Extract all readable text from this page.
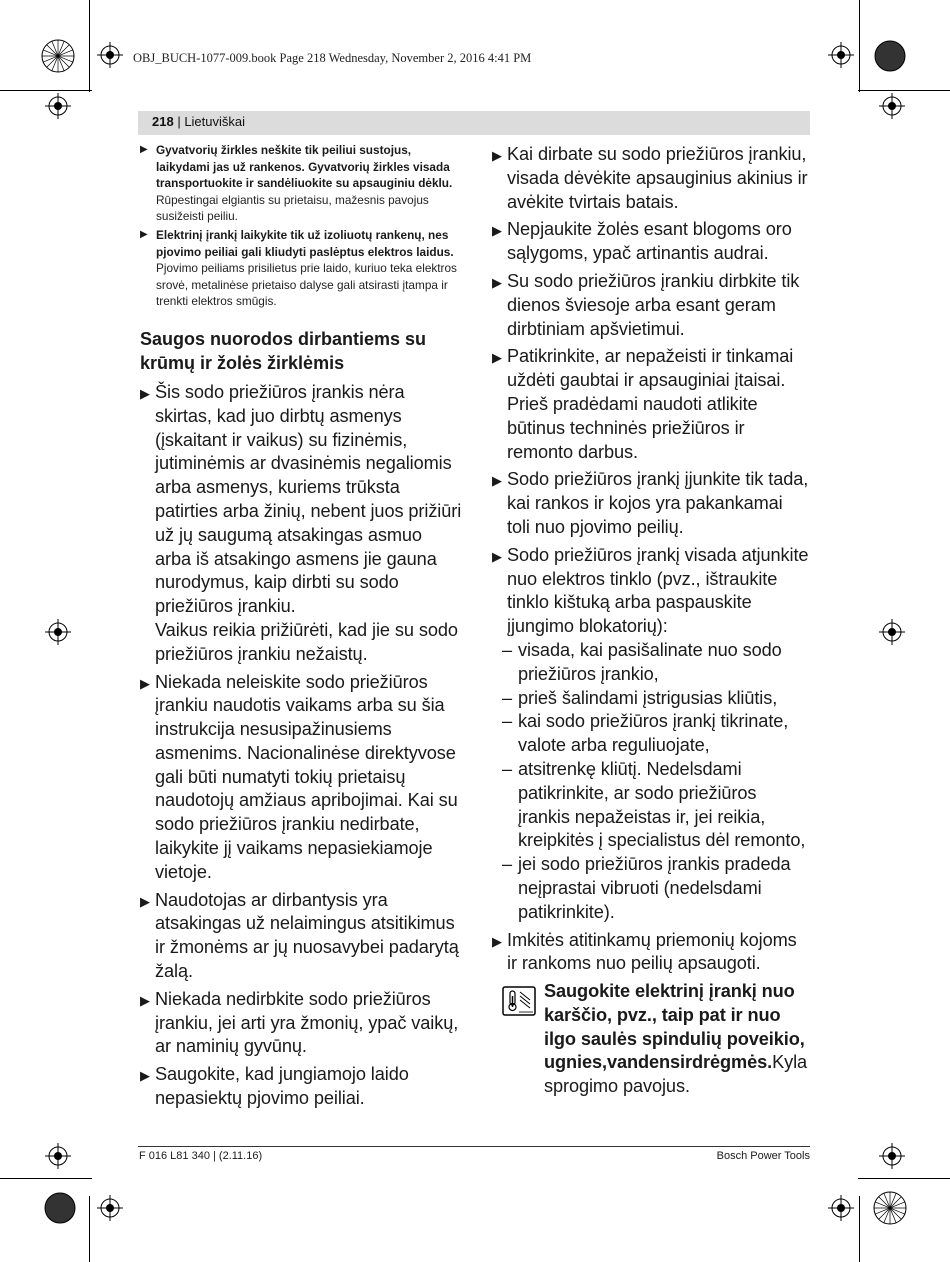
OBJ_BUCH-1077-009.book Page 218 Wednesday, November 2, 2016 4:41 PM
218 | Lietuviškai
▶ Gyvatvorių žirkles neškite tik peiliui sustojus, laikydami jas už rankenos. Gyvatvorių žirkles visada transportuokite ir sandėliuokite su apsauginiu dėklu.
Rūpestingai elgiantis su prietaisu, mažesnis pavojus susižeisti peiliu.
▶ Elektrinį įrankį laikykite tik už izoliuotų rankenų, nes pjovimo peiliai gali kliudyti paslėptus elektros laidus.
Pjovimo peiliams prisilietus prie laido, kuriuo teka elektros srovė, metalinėse prietaiso dalyse gali atsirasti įtampa ir trenkti elektros smūgis.
Saugos nuorodos dirbantiems su krūmų ir žolės žirklėmis
▶ Šis sodo priežiūros įrankis nėra skirtas, kad juo dirbtų asmenys (įskaitant ir vaikus) su fizinėmis, jutiminėmis ar dvasinėmis negaliomis arba asmenys, kuriems trūksta patirties arba žinių, nebent juos prižiūri už jų saugumą atsakingas asmuo arba iš atsakingo asmens jie gauna nurodymus, kaip dirbti su sodo priežiūros įrankiu.
Vaikus reikia prižiūrėti, kad jie su sodo priežiūros įrankiu nežaistų.
▶ Niekada neleiskite sodo priežiūros įrankiu naudotis vaikams arba su šia instrukcija nesusipažinusiems asmenims. Nacionalinėse direktyvose gali būti numatyti tokių prietaisų naudotojų amžiaus apribojimai. Kai su sodo priežiūros įrankiu nedirbate, laikykite jį vaikams nepasiekiamoje vietoje.
▶ Naudotojas ar dirbantysis yra atsakingas už nelaimingus atsitikimus ir žmonėms ar jų nuosavybei padarytą žalą.
▶ Niekada nedirbkite sodo priežiūros įrankiu, jei arti yra žmonių, ypač vaikų, ar naminių gyvūnų.
▶ Saugokite, kad jungiamojo laido nepasiektų pjovimo peiliai.
▶ Kai dirbate su sodo priežiūros įrankiu, visada dėvėkite apsauginius akinius ir avėkite tvirtais batais.
▶ Nepjaukite žolės esant blogoms oro sąlygoms, ypač artinantis audrai.
▶ Su sodo priežiūros įrankiu dirbkite tik dienos šviesoje arba esant geram dirbtiniam apšvietimui.
▶ Patikrinkite, ar nepažeisti ir tinkamai uždėti gaubtai ir apsauginiai įtaisai. Prieš pradėdami naudoti atlikite būtinus techninės priežiūros ir remonto darbus.
▶ Sodo priežiūros įrankį įjunkite tik tada, kai rankos ir kojos yra pakankamai toli nuo pjovimo peilių.
▶ Sodo priežiūros įrankį visada atjunkite nuo elektros tinklo (pvz., ištraukite tinklo kištuką arba paspauskite įjungimo blokatorių):
– visada, kai pasišalinate nuo sodo priežiūros įrankio,
– prieš šalindami įstrigusias kliūtis,
– kai sodo priežiūros įrankį tikrinate, valote arba reguliuojate,
– atsitrenkę kliūtį. Nedelsdami patikrinkite, ar sodo priežiūros įrankis nepažeistas ir, jei reikia, kreipkitės į specialistus dėl remonto,
– jei sodo priežiūros įrankis pradeda neįprastai vibruoti (nedelsdami patikrinkite).
▶ Imkitės atitinkamų priemonių kojoms ir rankoms nuo peilių apsaugoti.
Saugokite elektrinį įrankį nuo karščio, pvz., taip pat ir nuo ilgo saulės spindulių poveikio, ugnies,vandensirdrėgmės.Kyla sprogimo pavojus.
F 016 L81 340 | (2.11.16)	Bosch Power Tools
